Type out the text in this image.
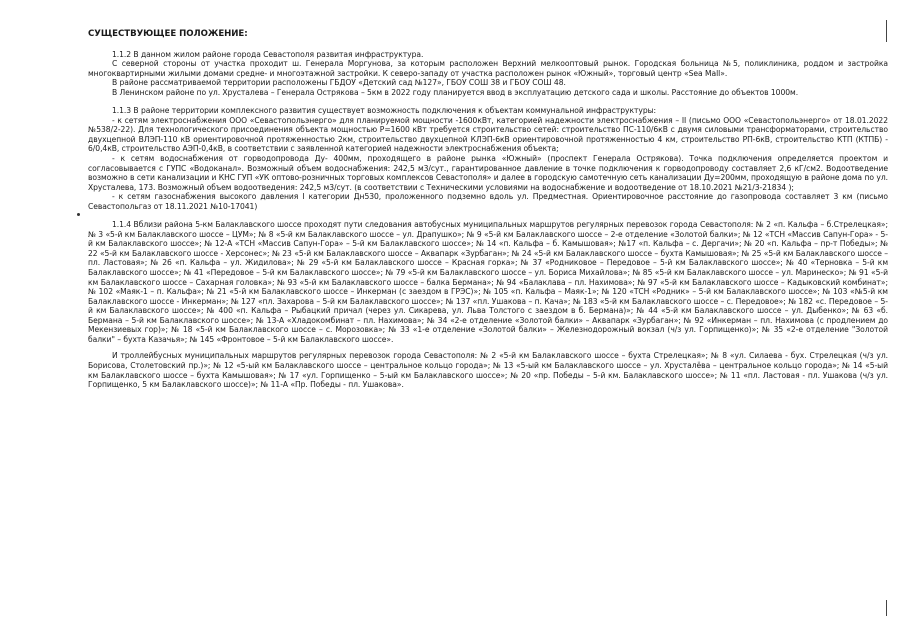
СУЩЕСТВУЮЩЕЕ ПОЛОЖЕНИЕ:

1.1.2 В данном жилом районе города Севастополя развитая инфраструктура.

С северной стороны от участка проходит ш. Генерала Моргунова, за которым расположен Верхний мелкооптовый рынок. Городская больница №5, поликлиника, роддом и застройка многоквартирными жилыми домами средне- и многоэтажной застройки. К северо-западу от участка расположен рынок «Южный», торговый центр «Sea Mall».

В районе рассматриваемой территории расположены ГБДОУ «Детский сад №127», ГБОУ СОШ 38 и ГБОУ СОШ 48.

В Ленинском районе по ул. Хрусталева – Генерала Острякова – 5км в 2022 году планируется ввод в эксплуатацию детского сада и школы. Расстояние до объектов 1000м.

1.1.3 В районе территории комплексного развития существует возможность подключения к объектам коммунальной инфраструктуры:

- к сетям электроснабжения ООО «Севастопольэнерго» для планируемой мощности -1600кВт, категорией надежности электроснабжения – II (письмо ООО «Севастопольэнерго» от 18.01.2022 №538/2-22). Для технологического присоединения объекта мощностью P=1600 кВт требуется строительство сетей: строительство ПС-110/6кВ с двумя силовыми трансформаторами, строительство двухцепной ВЛЭП-110 кВ ориентировочной протяженностью 2км, строительство двухцепной КЛЭП-6кВ ориентировочной протяженностью 4 км, строительство РП-6кВ, строительство КТП (КТПБ) - 6/0,4кВ, строительство АЭП-0,4кВ, в соответствии с заявленной категорией надежности электроснабжения объекта;

- к сетям водоснабжения от горводопровода Ду- 400мм, проходящего в районе рынка «Южный» (проспект Генерала Острякова). Точка подключения определяется проектом и согласовывается с ГУПС «Водоканал». Возможный объем водоснабжения: 242,5 м3/сут., гарантированное давление в точке подключения к горводопроводу составляет 2,6 кГ/см2. Водоотведение возможно в сети канализации и КНС ГУП «УК оптово-розничных торговых комплексов Севастополя» и далее в городскую самотечную сеть канализации Ду=200мм, проходящую в районе дома по ул. Хрусталева, 173. Возможный объем водоотведения: 242,5 м3/сут. (в соответствии с Техническими условиями на водоснабжение и водоотведение от 18.10.2021 №21/3-21834 );

- к сетям газоснабжения высокого давления I категории Дн530, проложенного подземно вдоль ул. Предместная. Ориентировочное расстояние до газопровода составляет 3 км (письмо Севастопольгаз от 18.11.2021 №10-17041)

1.1.4 Вблизи района 5-км Балаклавского шоссе проходят пути следования автобусных муниципальных маршрутов регулярных перевозок города Севастополя: № 2 «п. Кальфа – б.Стрелецкая»; № 3 «5-й км Балаклавского шоссе – ЦУМ»; № 8 «5-й км Балаклавского шоссе – ул. Драпушко»; № 9 «5-й км Балаклавского шоссе – 2-е отделение «Золотой балки»; № 12 «ТСН «Массив Сапун-Гора» - 5-й км Балаклавского шоссе»; № 12-А «ТСН «Массив Сапун-Гора» – 5-й км Балаклавского шоссе»; № 14 «п. Кальфа – б. Камышовая»; №17 «п. Кальфа – с. Дергачи»; № 20 «п. Кальфа – пр-т Победы»; № 22 «5-й км Балаклавского шоссе - Херсонес»; № 23 «5-й км Балаклавского шоссе – Аквапарк «Зурбаган»; № 24 «5-й км Балаклавского шоссе – бухта Камышовая»; № 25 «5-й км Балаклавского шоссе – пл. Ластовая»; № 26 «п. Кальфа – ул. Жидилова»; № 29 «5-й км Балаклавского шоссе – Красная горка»; № 37 «Родниковое – Передовое – 5-й км Балаклавского шоссе»; № 40 «Терновка – 5-й км Балаклавского шоссе»; № 41 «Передовое – 5-й км Балаклавского шоссе»; № 79 «5-й км Балаклавского шоссе – ул. Бориса Михайлова»; № 85 «5-й км Балаклавского шоссе – ул. Маринеско»; № 91 «5-й км Балаклавского шоссе – Сахарная головка»; № 93 «5-й км Балаклавского шоссе – балка Бермана»; № 94 «Балаклава – пл. Нахимова»; № 97 «5-й км Балаклавского шоссе – Кадыковский комбинат»; № 102 «Маяк-1 – п. Кальфа»; № 21 «5-й км Балаклавского шоссе – Инкерман (с заездом в ГРЭС)»; № 105 «п. Кальфа – Маяк-1»; № 120 «ТСН «Родник» – 5-й км Балаклавского шоссе»; № 103 «№5-й км Балаклавского шоссе - Инкерман»; № 127 «пл. Захарова – 5-й км Балаклавского шоссе»; № 137 «пл. Ушакова – п. Кача»; № 183 «5-й км Балаклавского шоссе – с. Передовое»; № 182 «с. Передовое – 5-й км Балаклавского шоссе»; № 400 «п. Кальфа – Рыбацкий причал (через ул. Сикарева, ул. Льва Толстого с заездом в б. Бермана)»; № 44 «5-й км Балаклавского шоссе – ул. Дыбенко»; № 63 «б. Бермана – 5-й км Балаклавского шоссе»; № 13-А «Хладокомбинат – пл. Нахимова»; № 34 «2-е отделение «Золотой балки» – Аквапарк «Зурбаган»; № 92 «Инкерман – пл. Нахимова (с продлением до Мекензиевых гор)»; № 18 «5-й км Балаклавского шоссе – с. Морозовка»; № 33 «1-е отделение «Золотой балки» – Железнодорожный вокзал (ч/з ул. Горпищенко)»; № 35 «2-е отделение "Золотой балки" – бухта Казачья»; № 145 «Фронтовое – 5-й км Балаклавского шоссе».

И троллейбусных муниципальных маршрутов регулярных перевозок города Севастополя: № 2 «5-й км Балаклавского шоссе – бухта Стрелецкая»; № 8 «ул. Силаева - бух. Стрелецкая (ч/з ул. Борисова, Столетовский пр.)»; № 12 «5-ый км Балаклавского шоссе – центральное кольцо города»; № 13 «5-ый км Балаклавского шоссе – ул. Хрусталёва – центральное кольцо города»; № 14 «5-ый км Балаклавского шоссе – бухта Камышовая»; № 17 «ул. Горпищенко – 5-ый км Балаклавского шоссе»; № 20 «пр. Победы – 5-й км. Балаклавского шоссе»; № 11 «пл. Ластовая - пл. Ушакова (ч/з ул. Горпищенко, 5 км Балаклавского шоссе)»; № 11-А «Пр. Победы - пл. Ушакова».
